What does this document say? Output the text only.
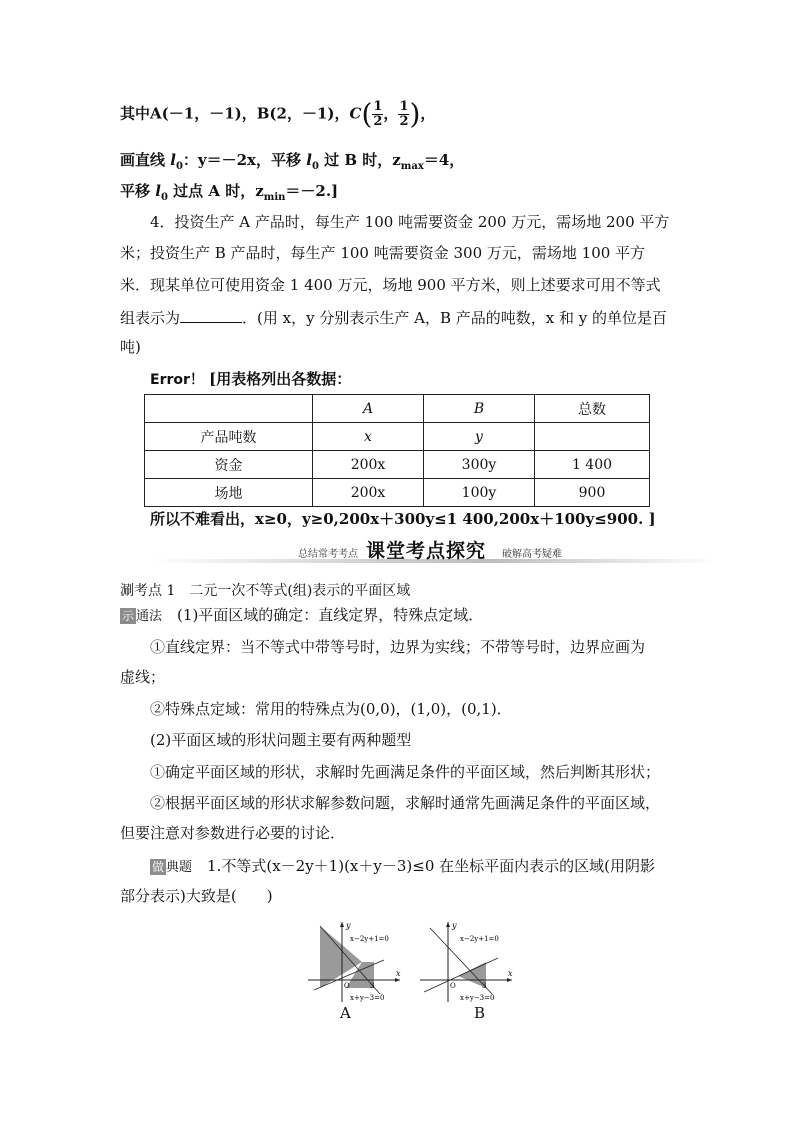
其中A(－1，－1)，B(2，－1)，$C( \frac{1}{2}$ ， $\frac{1}{2}$ )，
画直线 $l_0$：y＝－2x，平移 $l_0$ 过 B 时，$z_{max}=4$，
平移 $l_0$ 过点 A 时，$z_{min}=-2$.]
4．投资生产 A 产品时，每生产 100 吨需要资金 200 万元，需场地 200 平方
米；投资生产 B 产品时，每生产 100 吨需要资金 300 万元，需场地 100 平方
米．现某单位可使用资金 1 400 万元，场地 900 平方米，则上述要求可用不等式
组表示为	．(用 x，y 分别表示生产 A，B 产品的吨数，x 和 y 的单位是百
吨)
Error！ [用表格列出各数据：
	A	B	总数
产品吨数	x	y	
资金	200x	300y	1 400
场地	200x	100y	900
所以不难看出，x≥0，y≥0,200x＋300y≤1 400,200x＋100y≤900. ]
总结常考考点 课堂考点探究 破解高考疑难
涮考点 1　二元一次不等式(组)表示的平面区域
示 通法　 (1)平面区域的确定：直线定界，特殊点定域．
①直线定界：当不等式中带等号时，边界为实线；不带等号时，边界应画为
虚线；
②特殊点定域：常用的特殊点为(0,0)，(1,0)，(0,1)．
(2)平面区域的形状问题主要有两种题型
①确定平面区域的形状，求解时先画满足条件的平面区域，然后判断其形状；
②根据平面区域的形状求解参数问题，求解时通常先画满足条件的平面区域，
但要注意对参数进行必要的讨论．
做 典题　1.不等式(x－2y＋1)(x＋y－3)≤0 在坐标平面内表示的区域(用阴影
部分表示)大致是(　　)
y
x
O	3
x−2y+1=0
x+y−3=0
A
y
x
O	3
x−2y+1=0
x+y−3=0
B
